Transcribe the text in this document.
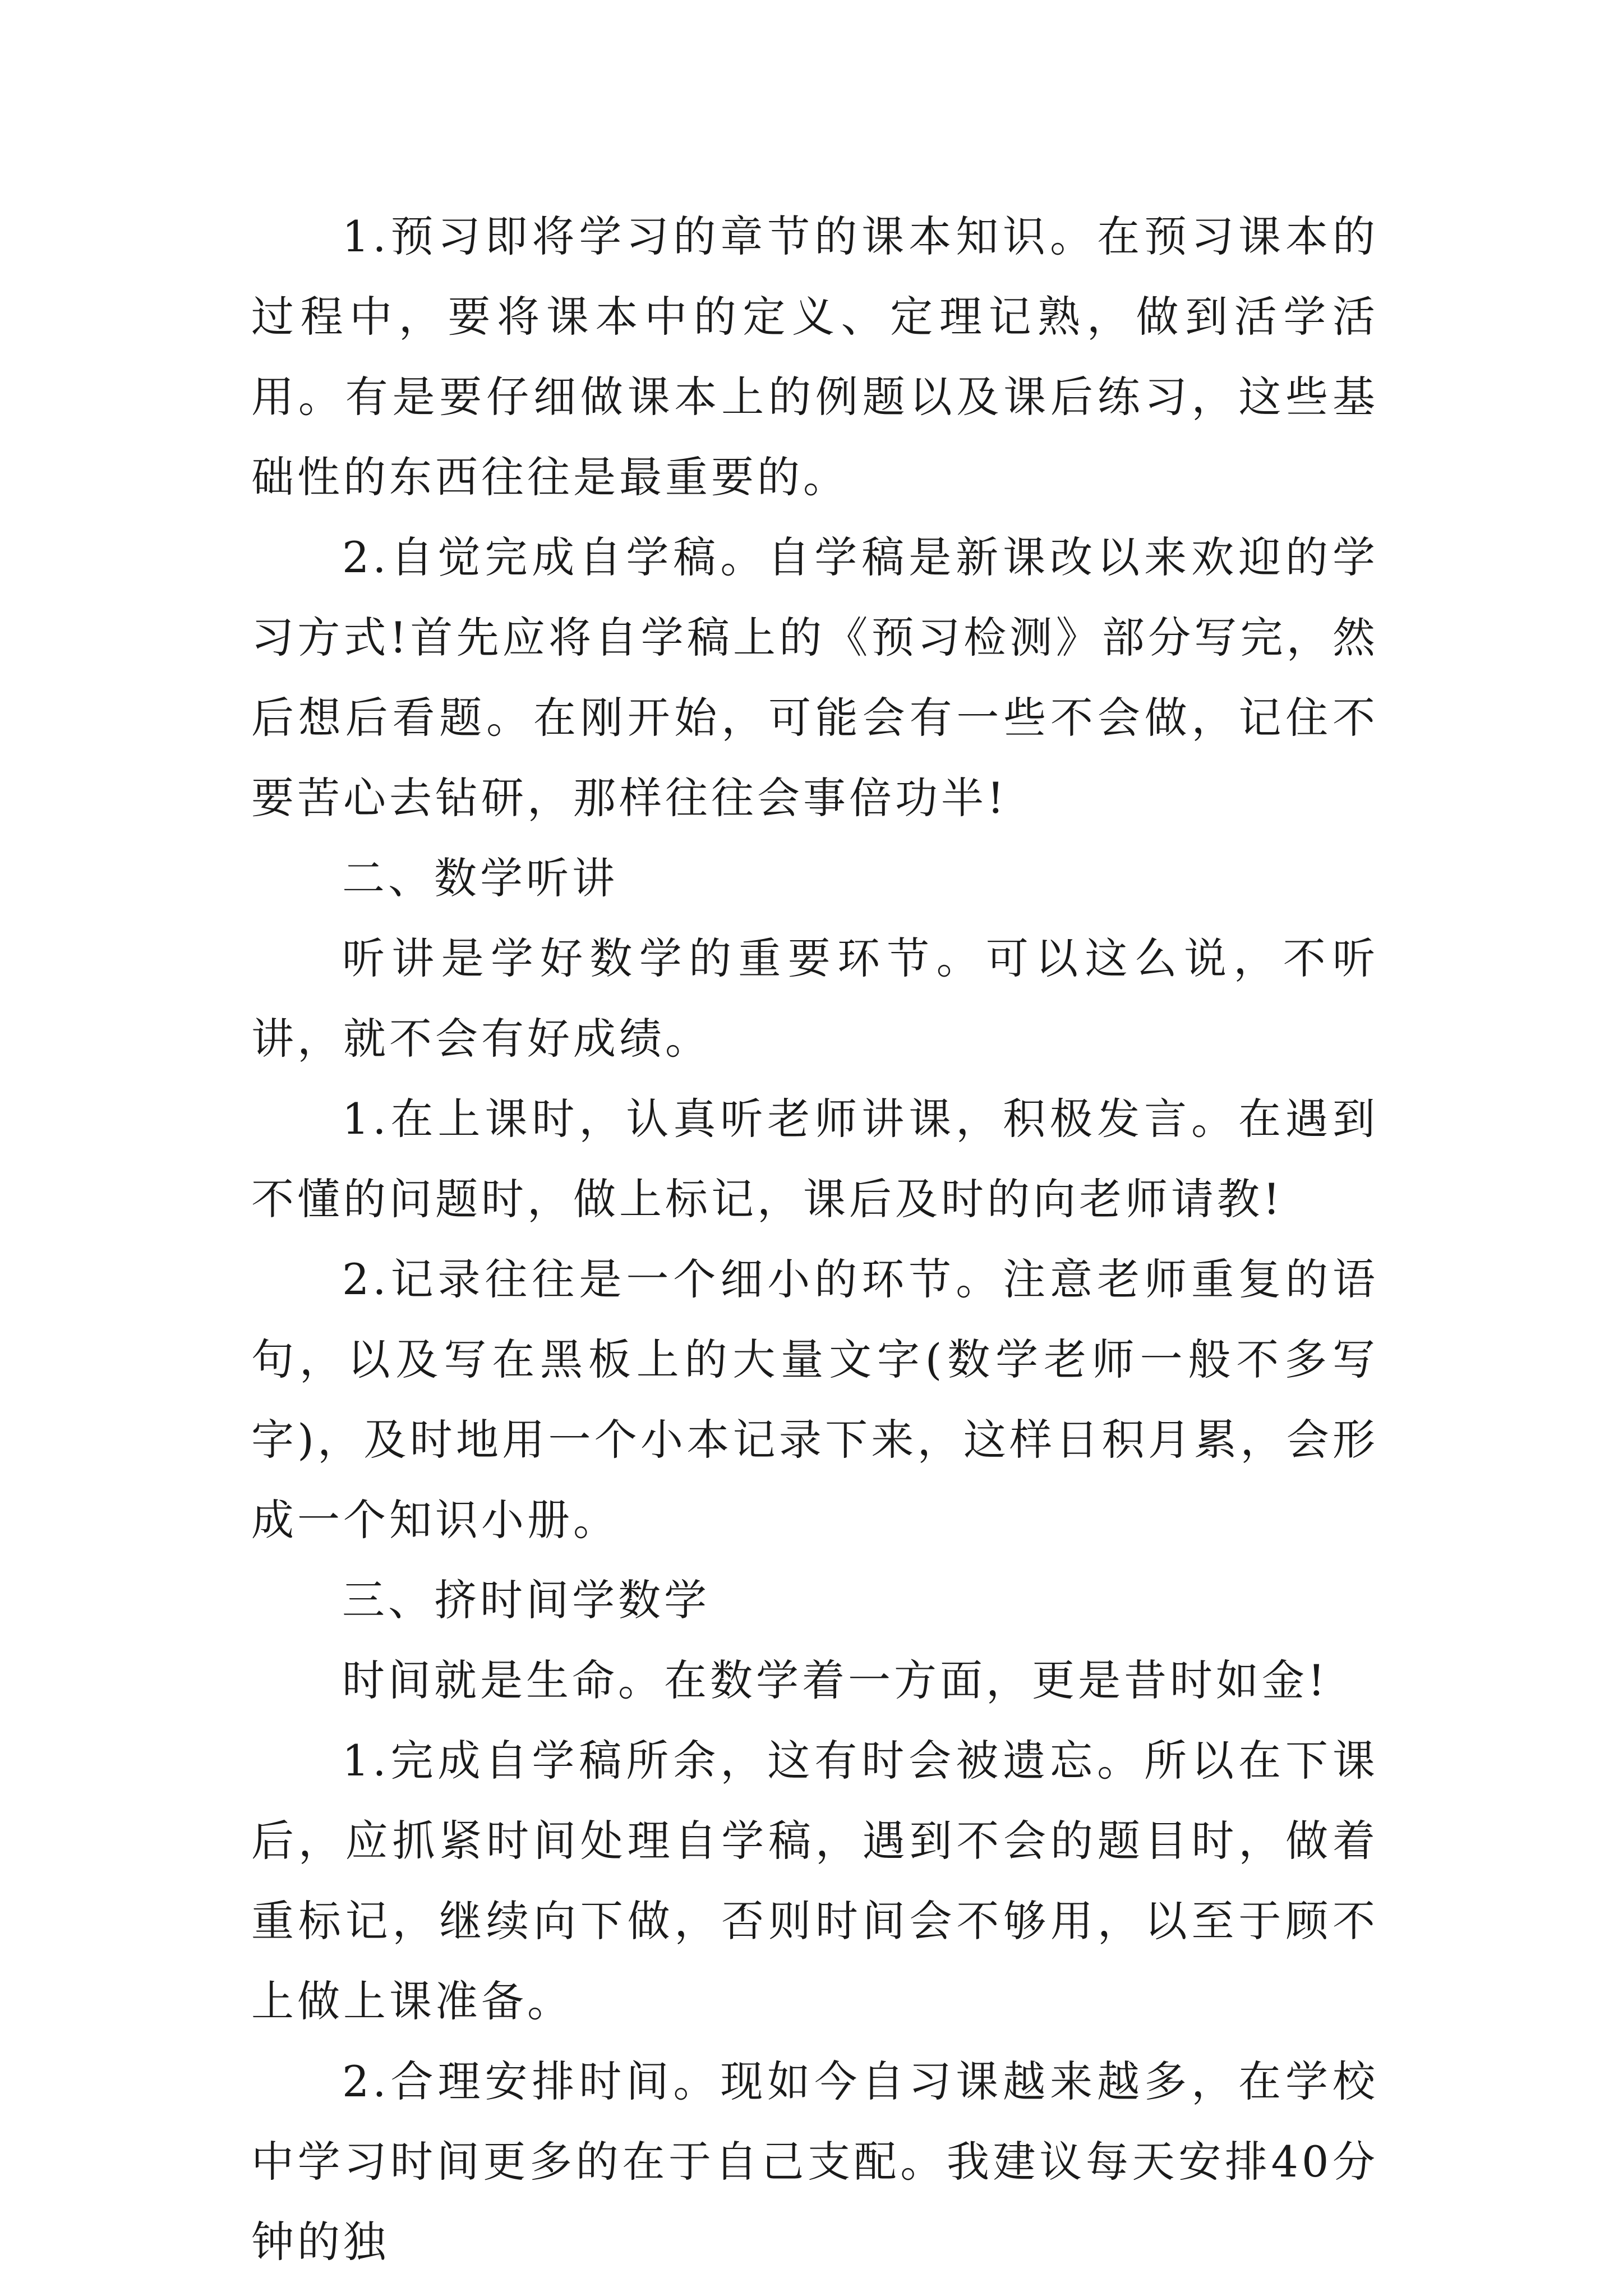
1.预习即将学习的章节的课本知识。在预习课本的过程中，要将课本中的定义、定理记熟，做到活学活用。有是要仔细做课本上的例题以及课后练习，这些基础性的东西往往是最重要的。

2.自觉完成自学稿。自学稿是新课改以来欢迎的学习方式!首先应将自学稿上的《预习检测》部分写完，然后想后看题。在刚开始，可能会有一些不会做，记住不要苦心去钻研，那样往往会事倍功半!

二、数学听讲

听讲是学好数学的重要环节。可以这么说，不听讲，就不会有好成绩。

1.在上课时，认真听老师讲课，积极发言。在遇到不懂的问题时，做上标记，课后及时的向老师请教!

2.记录往往是一个细小的环节。注意老师重复的语句，以及写在黑板上的大量文字(数学老师一般不多写字)，及时地用一个小本记录下来，这样日积月累，会形成一个知识小册。

三、挤时间学数学

时间就是生命。在数学着一方面，更是昔时如金!

1.完成自学稿所余，这有时会被遗忘。所以在下课后，应抓紧时间处理自学稿，遇到不会的题目时，做着重标记，继续向下做，否则时间会不够用，以至于顾不上做上课准备。

2.合理安排时间。现如今自习课越来越多，在学校中学习时间更多的在于自己支配。我建议每天安排40分钟的独
